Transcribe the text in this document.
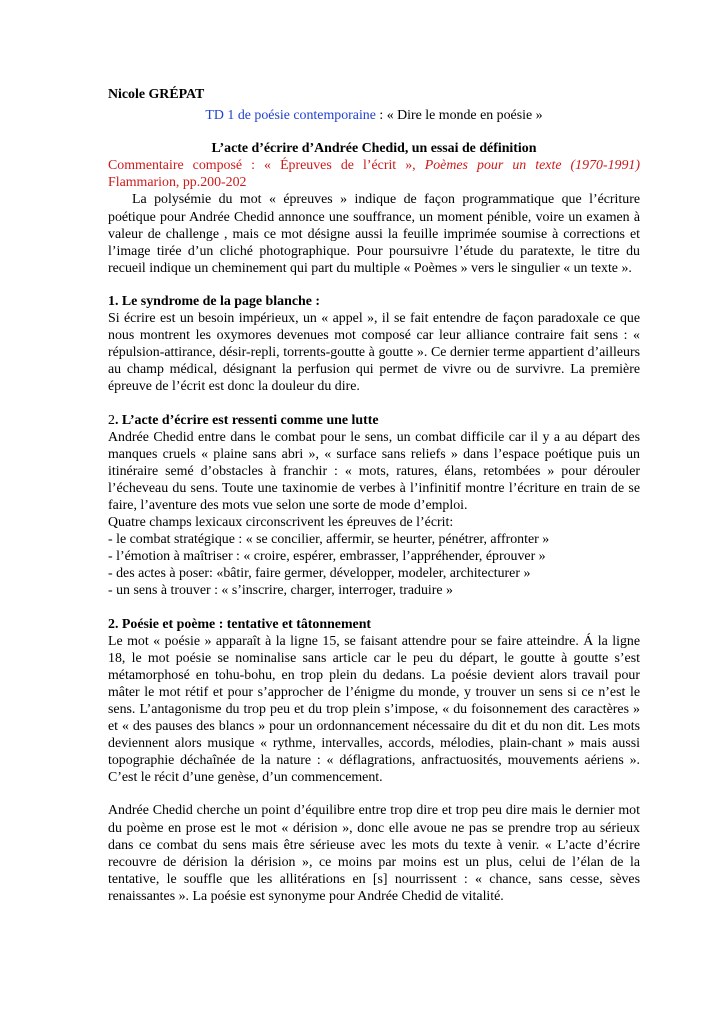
Nicole GRÉPAT

TD 1 de poésie contemporaine : « Dire le monde en poésie »

L’acte d’écrire d’Andrée Chedid, un essai de définition

Commentaire composé : « Épreuves de l’écrit », Poèmes pour un texte (1970-1991)

Flammarion, pp.200-202

La polysémie du mot « épreuves » indique de façon programmatique que l’écriture poétique pour Andrée Chedid annonce une souffrance, un moment pénible, voire un examen à valeur de challenge , mais ce mot désigne aussi la feuille imprimée soumise à corrections et l’image tirée d’un cliché photographique. Pour poursuivre l’étude du paratexte, le titre du recueil indique un cheminement qui part du multiple « Poèmes » vers le singulier « un texte ».

1. Le syndrome de la page blanche :

Si écrire est un besoin impérieux, un « appel », il se fait entendre de façon paradoxale ce que nous montrent les oxymores devenues mot composé car leur alliance contraire fait sens : « répulsion-attirance, désir-repli, torrents-goutte à goutte ». Ce dernier terme appartient d’ailleurs au champ médical, désignant la perfusion qui permet de vivre ou de survivre. La première épreuve de l’écrit est donc la douleur du dire.

2. L’acte d’écrire est ressenti comme une lutte

Andrée Chedid entre dans le combat pour le sens, un combat difficile car il y a au départ des manques cruels « plaine sans abri », « surface sans reliefs » dans l’espace poétique puis un itinéraire semé d’obstacles à franchir : « mots, ratures, élans, retombées » pour dérouler l’écheveau du sens. Toute une taxinomie de verbes à l’infinitif montre l’écriture en train de se faire, l’aventure des mots vue selon une sorte de mode d’emploi.

Quatre champs lexicaux circonscrivent les épreuves de l’écrit:

- le combat stratégique : « se concilier, affermir, se heurter, pénétrer, affronter »

- l’émotion à maîtriser : « croire, espérer, embrasser, l’appréhender, éprouver »

- des actes à poser: «bâtir, faire germer, développer, modeler, architecturer »

- un sens à trouver : « s’inscrire, charger, interroger, traduire »

2. Poésie et poème : tentative et tâtonnement

Le mot « poésie » apparaît à la ligne 15, se faisant attendre pour se faire atteindre. Á la ligne 18, le mot poésie se nominalise sans article car le peu du départ, le goutte à goutte s’est métamorphosé en tohu-bohu, en trop plein du dedans. La poésie devient alors travail pour mâter le mot rétif et pour s’approcher de l’énigme du monde, y trouver un sens si ce n’est le sens. L’antagonisme du trop peu et du trop plein s’impose, « du foisonnement des caractères » et « des pauses des blancs » pour un ordonnancement nécessaire du dit et du non dit. Les mots deviennent alors musique « rythme, intervalles, accords, mélodies, plain-chant » mais aussi topographie déchaînée de la nature : « déflagrations, anfractuosités, mouvements aériens ». C’est le récit d’une genèse, d’un commencement.

Andrée Chedid cherche un point d’équilibre entre trop dire et trop peu dire mais le dernier mot du poème en prose est le mot « dérision », donc elle avoue ne pas se prendre trop au sérieux dans ce combat du sens mais être sérieuse avec les mots du texte à venir. « L’acte d’écrire recouvre de dérision la dérision », ce moins par moins est un plus, celui de l’élan de la tentative, le souffle que les allitérations en [s] nourrissent : « chance, sans cesse, sèves renaissantes ». La poésie est synonyme pour Andrée Chedid de vitalité.
